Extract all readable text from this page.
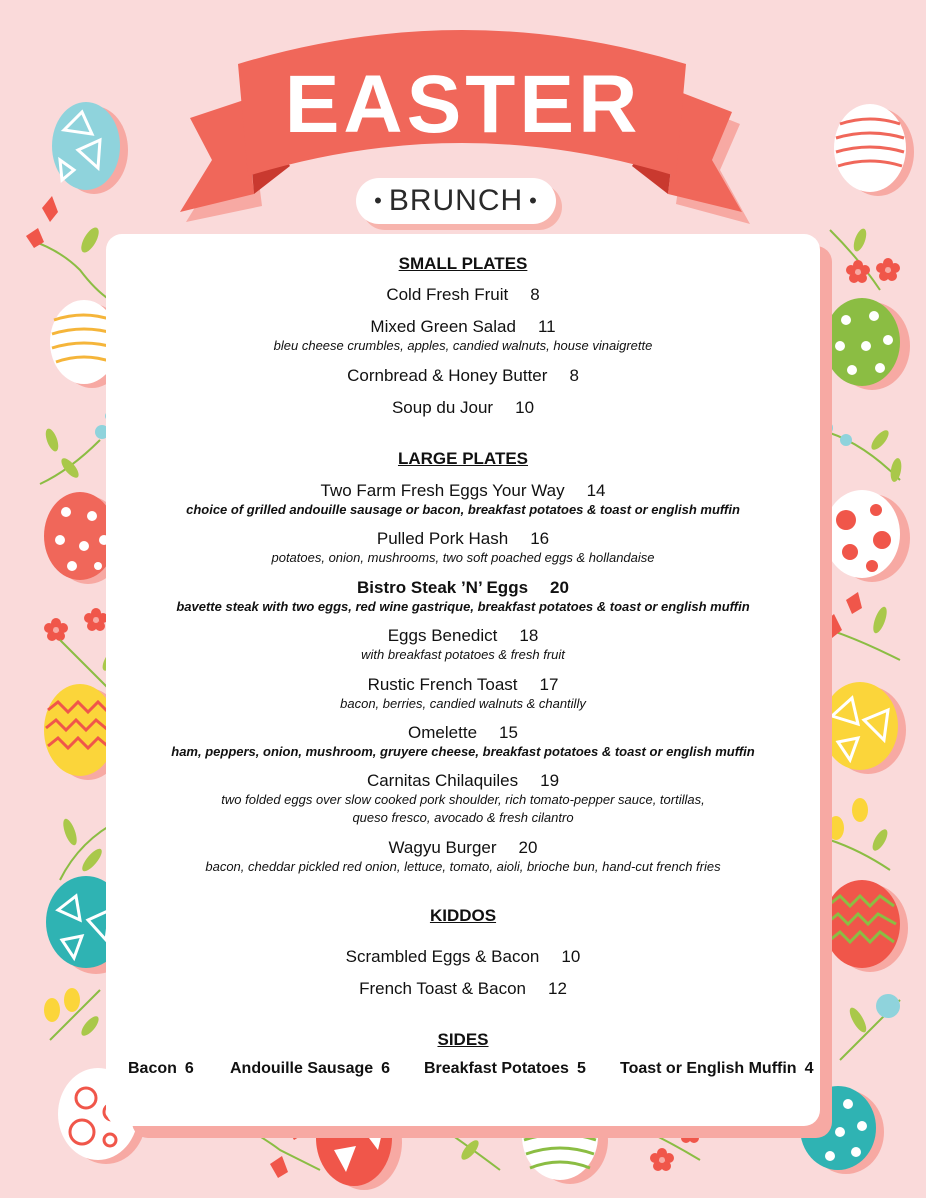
EASTER
• BRUNCH •
SMALL PLATES
Cold Fresh Fruit 8
Mixed Green Salad 11
bleu cheese crumbles, apples, candied walnuts, house vinaigrette
Cornbread & Honey Butter 8
Soup du Jour 10
LARGE PLATES
Two Farm Fresh Eggs Your Way 14
choice of grilled andouille sausage or bacon, breakfast potatoes & toast or english muffin
Pulled Pork Hash 16
potatoes, onion, mushrooms, two soft poached eggs & hollandaise
Bistro Steak ’N’ Eggs 20
bavette steak with two eggs, red wine gastrique, breakfast potatoes & toast or english muffin
Eggs Benedict 18
with breakfast potatoes & fresh fruit
Rustic French Toast 17
bacon, berries, candied walnuts & chantilly
Omelette 15
ham, peppers, onion, mushroom, gruyere cheese, breakfast potatoes & toast or english muffin
Carnitas Chilaquiles 19
two folded eggs over slow cooked pork shoulder, rich tomato-pepper sauce, tortillas,
queso fresco, avocado & fresh cilantro
Wagyu Burger 20
bacon, cheddar pickled red onion, lettuce, tomato, aioli, brioche bun, hand-cut french fries
KIDDOS
Scrambled Eggs & Bacon 10
French Toast & Bacon 12
SIDES
Bacon 6 Andouille Sausage 6 Breakfast Potatoes 5 Toast or English Muffin 4
